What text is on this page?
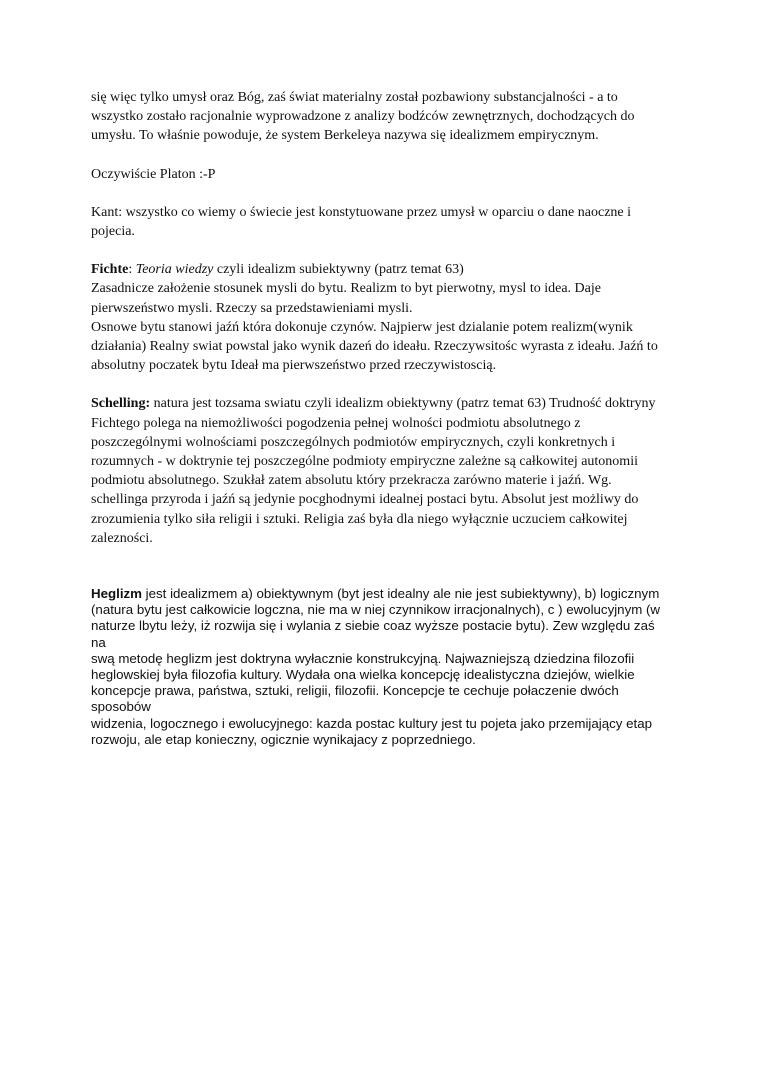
się więc tylko umysł oraz Bóg, zaś świat materialny został pozbawiony substancjalności - a to

wszystko zostało racjonalnie wyprowadzone z analizy bodźców zewnętrznych, dochodzących do

umysłu. To właśnie powoduje, że system Berkeleya nazywa się idealizmem empirycznym.

Oczywiście Platon :-P

Kant: wszystko co wiemy o świecie jest konstytuowane przez umysł w oparciu o dane naoczne i

pojecia.

Fichte: Teoria wiedzy czyli idealizm subiektywny (patrz temat 63)

Zasadnicze założenie stosunek mysli do bytu. Realizm to byt pierwotny, mysl to idea. Daje

pierwszeństwo mysli. Rzeczy sa przedstawieniami mysli.

Osnowe bytu stanowi jaźń która dokonuje czynów. Najpierw jest dzialanie potem realizm(wynik

działania) Realny swiat powstal jako wynik dazeń do ideału. Rzeczywsitośc wyrasta z ideału. Jaźń to

absolutny poczatek bytu Ideał ma pierwszeństwo przed rzeczywistoscią.

Schelling: natura jest tozsama swiatu czyli idealizm obiektywny (patrz temat 63) Trudność doktryny

Fichtego polega na niemożliwości pogodzenia pełnej wolności podmiotu absolutnego z

poszczególnymi wolnościami poszczególnych podmiotów empirycznych, czyli konkretnych i

rozumnych - w doktrynie tej poszczególne podmioty empiryczne zależne są całkowitej autonomii

podmiotu absolutnego. Szukłał zatem absolutu który przekracza zarówno materie i jaźń. Wg.

schellinga przyroda i jaźń są jedynie pocghodnymi idealnej postaci bytu. Absolut jest możliwy do

zrozumienia tylko siła religii i sztuki. Religia zaś była dla niego wyłącznie uczuciem całkowitej

zalezności.

Heglizm jest idealizmem a) obiektywnym (byt jest idealny ale nie jest subiektywny), b) logicznym

(natura bytu jest całkowicie logczna, nie ma w niej czynnikow irracjonalnych), c ) ewolucyjnym (w

naturze lbytu leży, iż rozwija się i wylania z siebie coaz wyższe postacie bytu). Zew względu zaś na

swą metodę heglizm jest doktryna wyłacznie konstrukcyjną. Najwazniejszą dziedzina filozofii

heglowskiej była filozofia kultury. Wydała ona wielka koncepcję idealistyczna dziejów, wielkie

koncepcje prawa, państwa, sztuki, religii, filozofii. Koncepcje te cechuje połaczenie dwóch sposobów

widzenia, logocznego i ewolucyjnego: kazda postac kultury jest tu pojeta jako przemijający etap

rozwoju, ale etap konieczny, ogicznie wynikajacy z poprzedniego.
